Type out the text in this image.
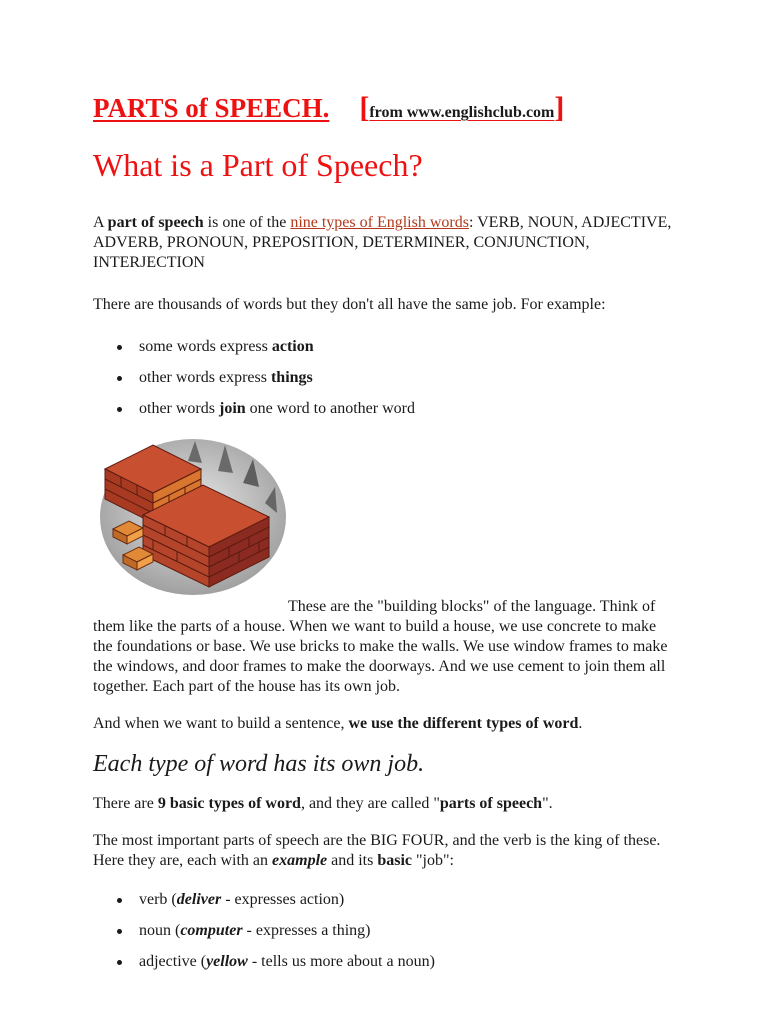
PARTS of SPEECH. [from www.englishclub.com]
What is a Part of Speech?

A part of speech is one of the nine types of English words: VERB, NOUN, ADJECTIVE, ADVERB, PRONOUN, PREPOSITION, DETERMINER, CONJUNCTION, INTERJECTION

There are thousands of words but they don't all have the same job. For example:

some words express action
other words express things
other words join one word to another word

These are the "building blocks" of the language. Think of them like the parts of a house. When we want to build a house, we use concrete to make the foundations or base. We use bricks to make the walls. We use window frames to make the windows, and door frames to make the doorways. And we use cement to join them all together. Each part of the house has its own job.

And when we want to build a sentence, we use the different types of word.

Each type of word has its own job.

There are 9 basic types of word, and they are called "parts of speech".

The most important parts of speech are the BIG FOUR, and the verb is the king of these. Here they are, each with an example and its basic "job":

verb (deliver - expresses action)
noun (computer - expresses a thing)
adjective (yellow - tells us more about a noun)
